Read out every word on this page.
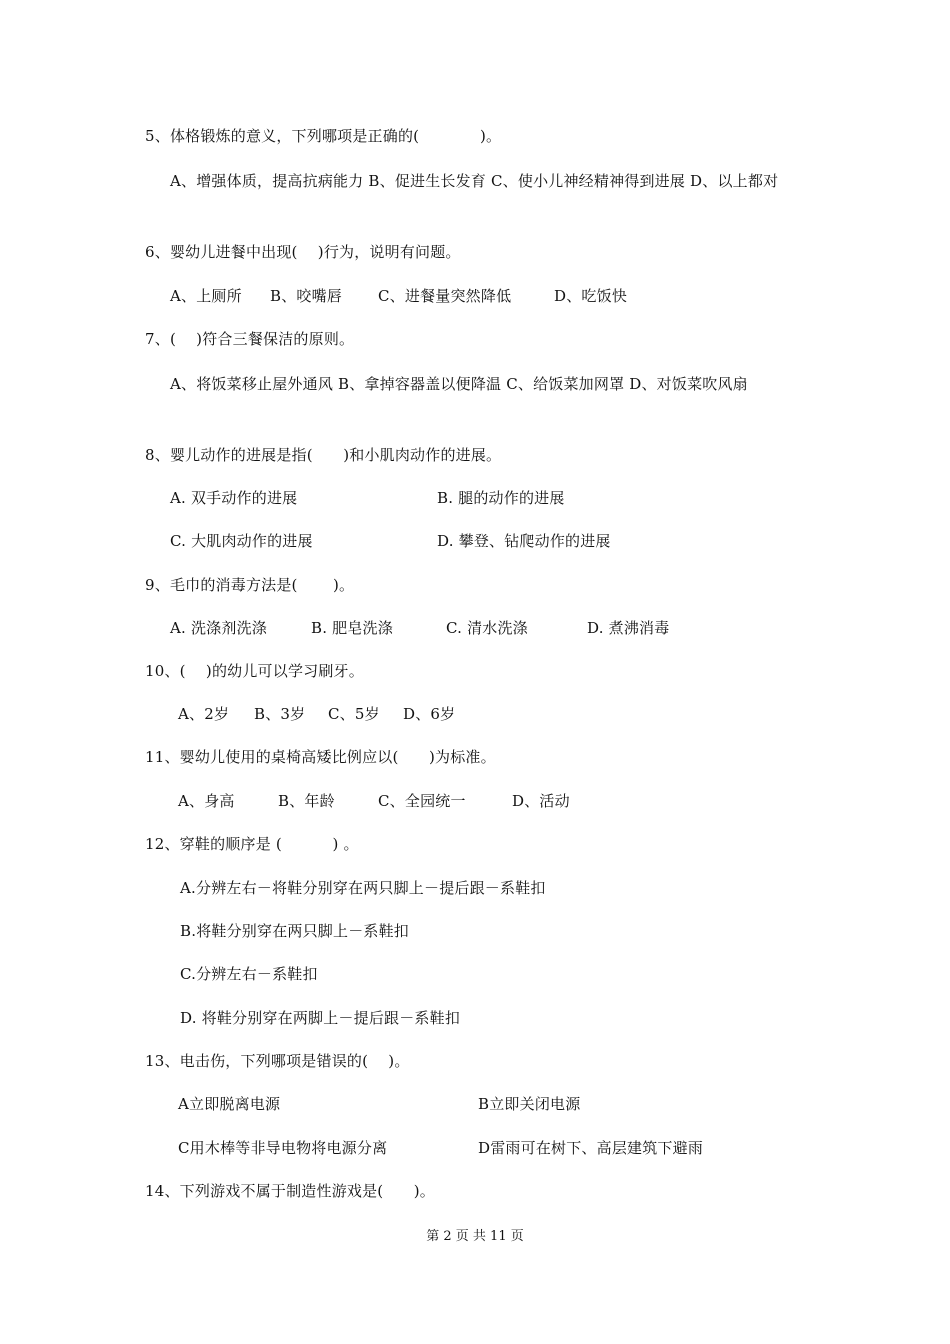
5、体格锻炼的意义，下列哪项是正确的(　　　　)。
A、增强体质，提高抗病能力 B、促进生长发育 C、使小儿神经精神得到进展 D、以上都对
6、婴幼儿进餐中出现(　 )行为，说明有问题。
A、上厕所 B、咬嘴唇 C、进餐量突然降低	D、吃饭快
7、(　 )符合三餐保洁的原则。
A、将饭菜移止屋外通风 B、拿掉容器盖以便降温 C、给饭菜加网罩 D、对饭菜吹风扇
8、婴儿动作的进展是指(　　)和小肌肉动作的进展。
A. 双手动作的进展	B. 腿的动作的进展
C. 大肌肉动作的进展	D. 攀登、钻爬动作的进展
9、毛巾的消毒方法是(　　 )。
A. 洗涤剂洗涤	B. 肥皂洗涤	C. 清水洗涤	D. 煮沸消毒
10、(　 )的幼儿可以学习刷牙。
A、2岁 B、3岁 C、5岁 D、6岁
11、婴幼儿使用的桌椅高矮比例应以(　　)为标准。
A、身高	B、年龄	C、全园统一	D、活动
12、穿鞋的顺序是 (　　　 ) 。
A.分辨左右－将鞋分别穿在两只脚上－提后跟－系鞋扣
B.将鞋分别穿在两只脚上－系鞋扣
C.分辨左右－系鞋扣
D. 将鞋分别穿在两脚上－提后跟－系鞋扣
13、电击伤，下列哪项是错误的(　 )。
A立即脱离电源	B立即关闭电源
C用木棒等非导电物将电源分离	D雷雨可在树下、高层建筑下避雨
14、下列游戏不属于制造性游戏是(　　)。
第 2 页 共 11 页
